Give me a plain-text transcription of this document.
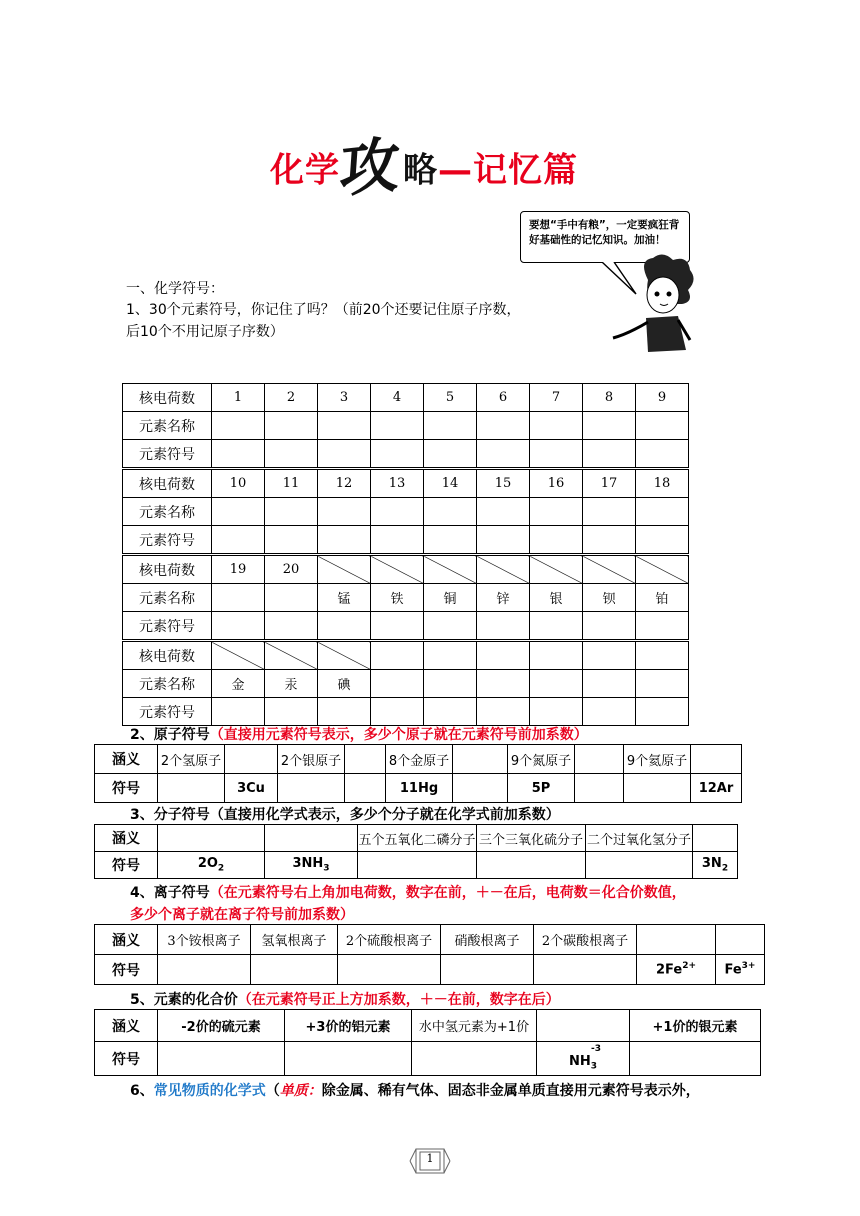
化学攻略—记忆篇
要想“手中有粮”，一定要疯狂背好基础性的记忆知识。加油！
一、化学符号：
1、30个元素符号，你记住了吗？（前20个还要记住原子序数，后10个不用记原子序数）
核电荷数	1	2	3	4	5	6	7	8	9
元素名称									
元素符号									
核电荷数	10	11	12	13	14	15	16	17	18
元素名称									
元素符号									
核电荷数	19	20							
元素名称			锰	铁	铜	锌	银	钡	铂
元素符号									
核电荷数									
元素名称	金	汞	碘						
元素符号									
2、原子符号（直接用元素符号表示，多少个原子就在元素符号前加系数）
涵义	2个氢原子		2个银原子		8个金原子		9个氮原子		9个氦原子	
符号		3Cu			11Hg		5P			12Ar
3、分子符号（直接用化学式表示，多少个分子就在化学式前加系数）
涵义			五个五氧化二磷分子	三个三氧化硫分子	二个过氧化氢分子	
符号	$2O_2$	$3NH_3$				$3N_2$
4、离子符号（在元素符号右上角加电荷数，数字在前，＋－在后，电荷数＝化合价数值，
多少个离子就在离子符号前加系数）
涵义	3个铵根离子	氢氧根离子	2个硫酸根离子	硝酸根离子	2个碳酸根离子		
符号						$2Fe^{2+}$	$Fe^{3+}$
5、元素的化合价（在元素符号正上方加系数，＋－在前，数字在后）
涵义	-2价的硫元素	+3价的铝元素	水中氢元素为+1价		+1价的银元素
符号				-3
$NH_3$	
6、常见物质的化学式（单质：除金属、稀有气体、固态非金属单质直接用元素符号表示外，
1
